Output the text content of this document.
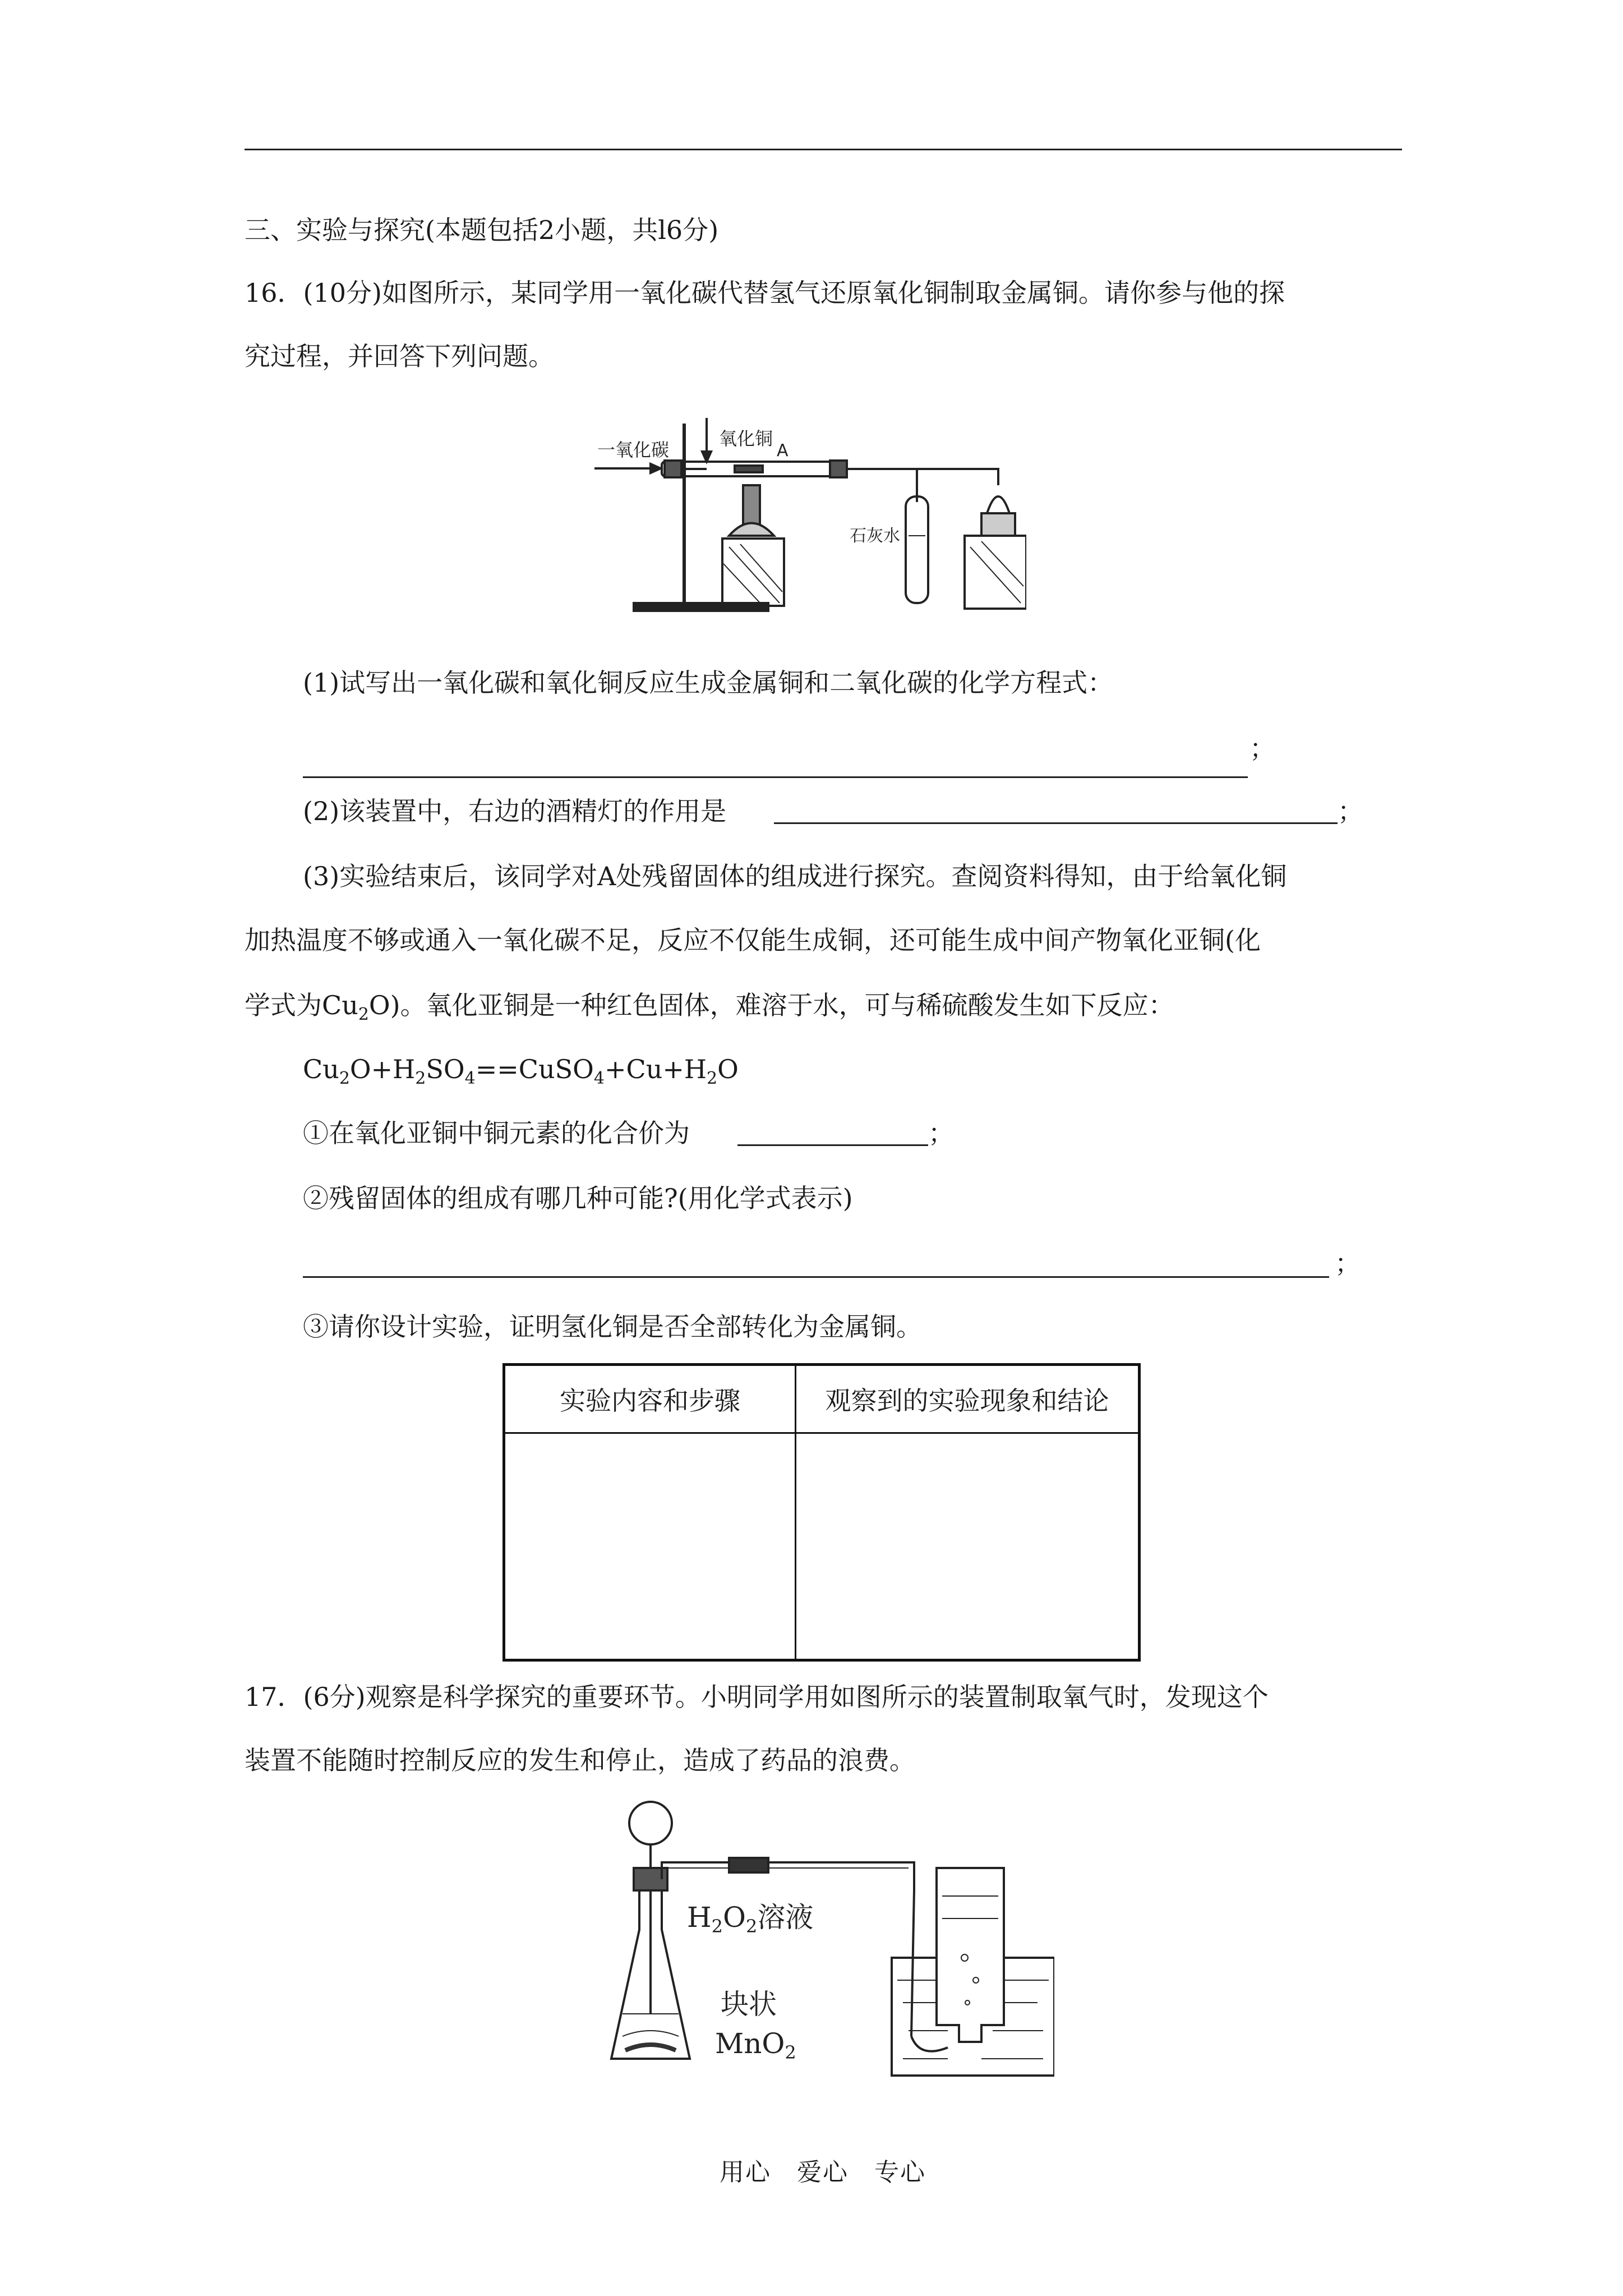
三、实验与探究(本题包括2小题，共l6分)
16．(10分)如图所示，某同学用一氧化碳代替氢气还原氧化铜制取金属铜。请你参与他的探
究过程，并回答下列问题。
一氧化碳
氧化铜
A
石灰水
(1)试写出一氧化碳和氧化铜反应生成金属铜和二氧化碳的化学方程式：
；
(2)该装置中，右边的酒精灯的作用是	；
(3)实验结束后，该同学对A处残留固体的组成进行探究。查阅资料得知，由于给氧化铜
加热温度不够或通入一氧化碳不足，反应不仅能生成铜，还可能生成中间产物氧化亚铜(化
学式为$Cu_2O$)。氧化亚铜是一种红色固体，难溶于水，可与稀硫酸发生如下反应：
$Cu_2O+H_2SO_4==CuSO_4+Cu+H_2O$
①在氧化亚铜中铜元素的化合价为	；
②残留固体的组成有哪几种可能?(用化学式表示)
；
③请你设计实验，证明氢化铜是否全部转化为金属铜。
实验内容和步骤	观察到的实验现象和结论

17．(6分)观察是科学探究的重要环节。小明同学用如图所示的装置制取氧气时，发现这个
装置不能随时控制反应的发生和停止，造成了药品的浪费。
$H_2O_2$溶液
块状
MnO$_2$
用心　爱心　专心
